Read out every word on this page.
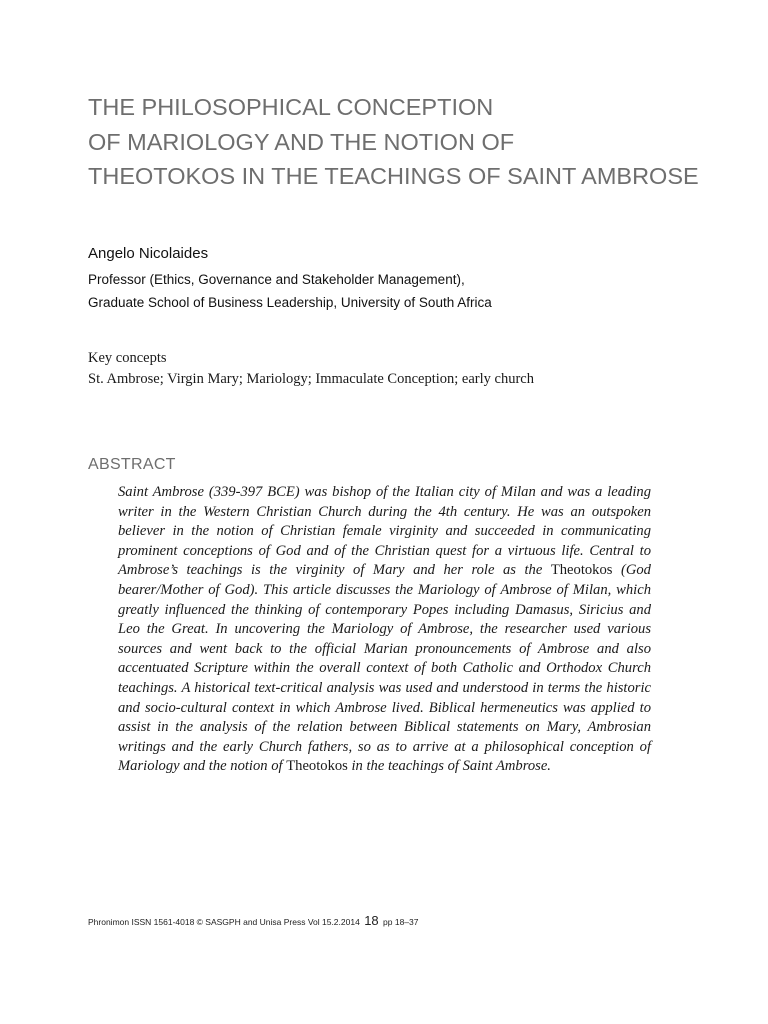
THE PHILOSOPHICAL CONCEPTION
OF MARIOLOGY AND THE NOTION OF
THEOTOKOS IN THE TEACHINGS OF SAINT AMBROSE
Angelo Nicolaides
Professor (Ethics, Governance and Stakeholder Management),
Graduate School of Business Leadership, University of South Africa
Key concepts
St. Ambrose; Virgin Mary; Mariology; Immaculate Conception; early church
ABSTRACT
Saint Ambrose (339-397 BCE) was bishop of the Italian city of Milan and was a leading writer in the Western Christian Church during the 4th century. He was an outspoken believer in the notion of Christian female virginity and succeeded in communicating prominent conceptions of God and of the Christian quest for a virtuous life. Central to Ambrose’s teachings is the virginity of Mary and her role as the Theotokos (God bearer/Mother of God). This article discusses the Mariology of Ambrose of Milan, which greatly influenced the thinking of contemporary Popes including Damasus, Siricius and Leo the Great. In uncovering the Mariology of Ambrose, the researcher used various sources and went back to the official Marian pronouncements of Ambrose and also accentuated Scripture within the overall context of both Catholic and Orthodox Church teachings. A historical text-critical analysis was used and understood in terms the historic and socio-cultural context in which Ambrose lived. Biblical hermeneutics was applied to assist in the analysis of the relation between Biblical statements on Mary, Ambrosian writings and the early Church fathers, so as to arrive at a philosophical conception of Mariology and the notion of Theotokos in the teachings of Saint Ambrose.
Phronimon ISSN 1561-4018 © SASGPH and Unisa Press Vol 15.2.2014 18 pp 18–37
